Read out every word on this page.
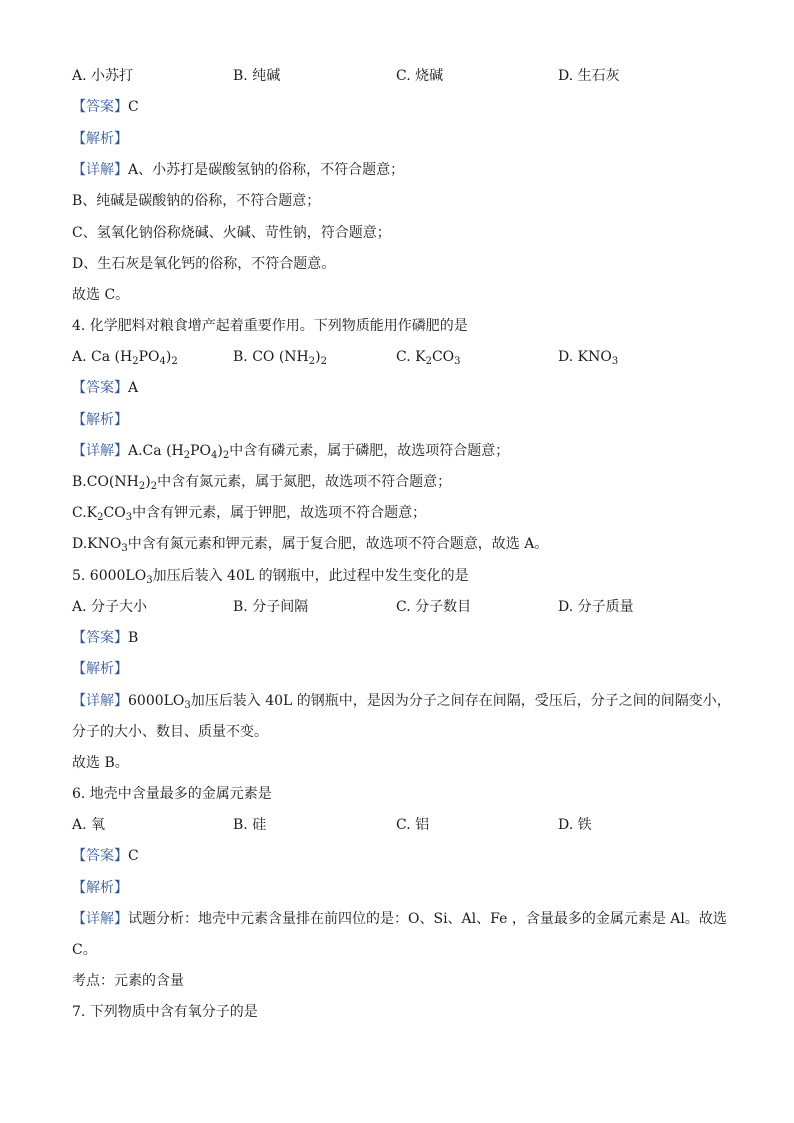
A. 小苏打	B. 纯碱	C. 烧碱	D. 生石灰
【答案】C
【解析】
【详解】A、小苏打是碳酸氢钠的俗称，不符合题意；
B、纯碱是碳酸钠的俗称，不符合题意；
C、氢氧化钠俗称烧碱、火碱、苛性钠，符合题意；
D、生石灰是氧化钙的俗称，不符合题意。
故选 C。
4. 化学肥料对粮食增产起着重要作用。下列物质能用作磷肥的是
A. Ca $(H_2PO_4)_2$	B. CO $(NH_2)_2$	C. $K_2CO_3$	D. $KNO_3$
【答案】A
【解析】
【详解】A.Ca $(H_2PO_4)_2$中含有磷元素，属于磷肥，故选项符合题意；
$B.CO(NH_2)_2$中含有氮元素，属于氮肥，故选项不符合题意；
$C.K_2CO_3$中含有钾元素，属于钾肥，故选项不符合题意；
$D.KNO_3$中含有氮元素和钾元素，属于复合肥，故选项不符合题意，故选 A。
5. $6000LO_3$加压后装入 40L 的钢瓶中，此过程中发生变化的是
A. 分子大小	B. 分子间隔	C. 分子数目	D. 分子质量
【答案】B
【解析】
【详解】$6000LO_3$加压后装入 40L 的钢瓶中，是因为分子之间存在间隔，受压后，分子之间的间隔变小，
分子的大小、数目、质量不变。
故选 B。
6. 地壳中含量最多的金属元素是
A. 氧	B. 硅	C. 铝	D. 铁
【答案】C
【解析】
【详解】试题分析：地壳中元素含量排在前四位的是：O、Si、Al、Fe ，含量最多的金属元素是 Al。故选
C。
考点：元素的含量
7. 下列物质中含有氧分子的是
